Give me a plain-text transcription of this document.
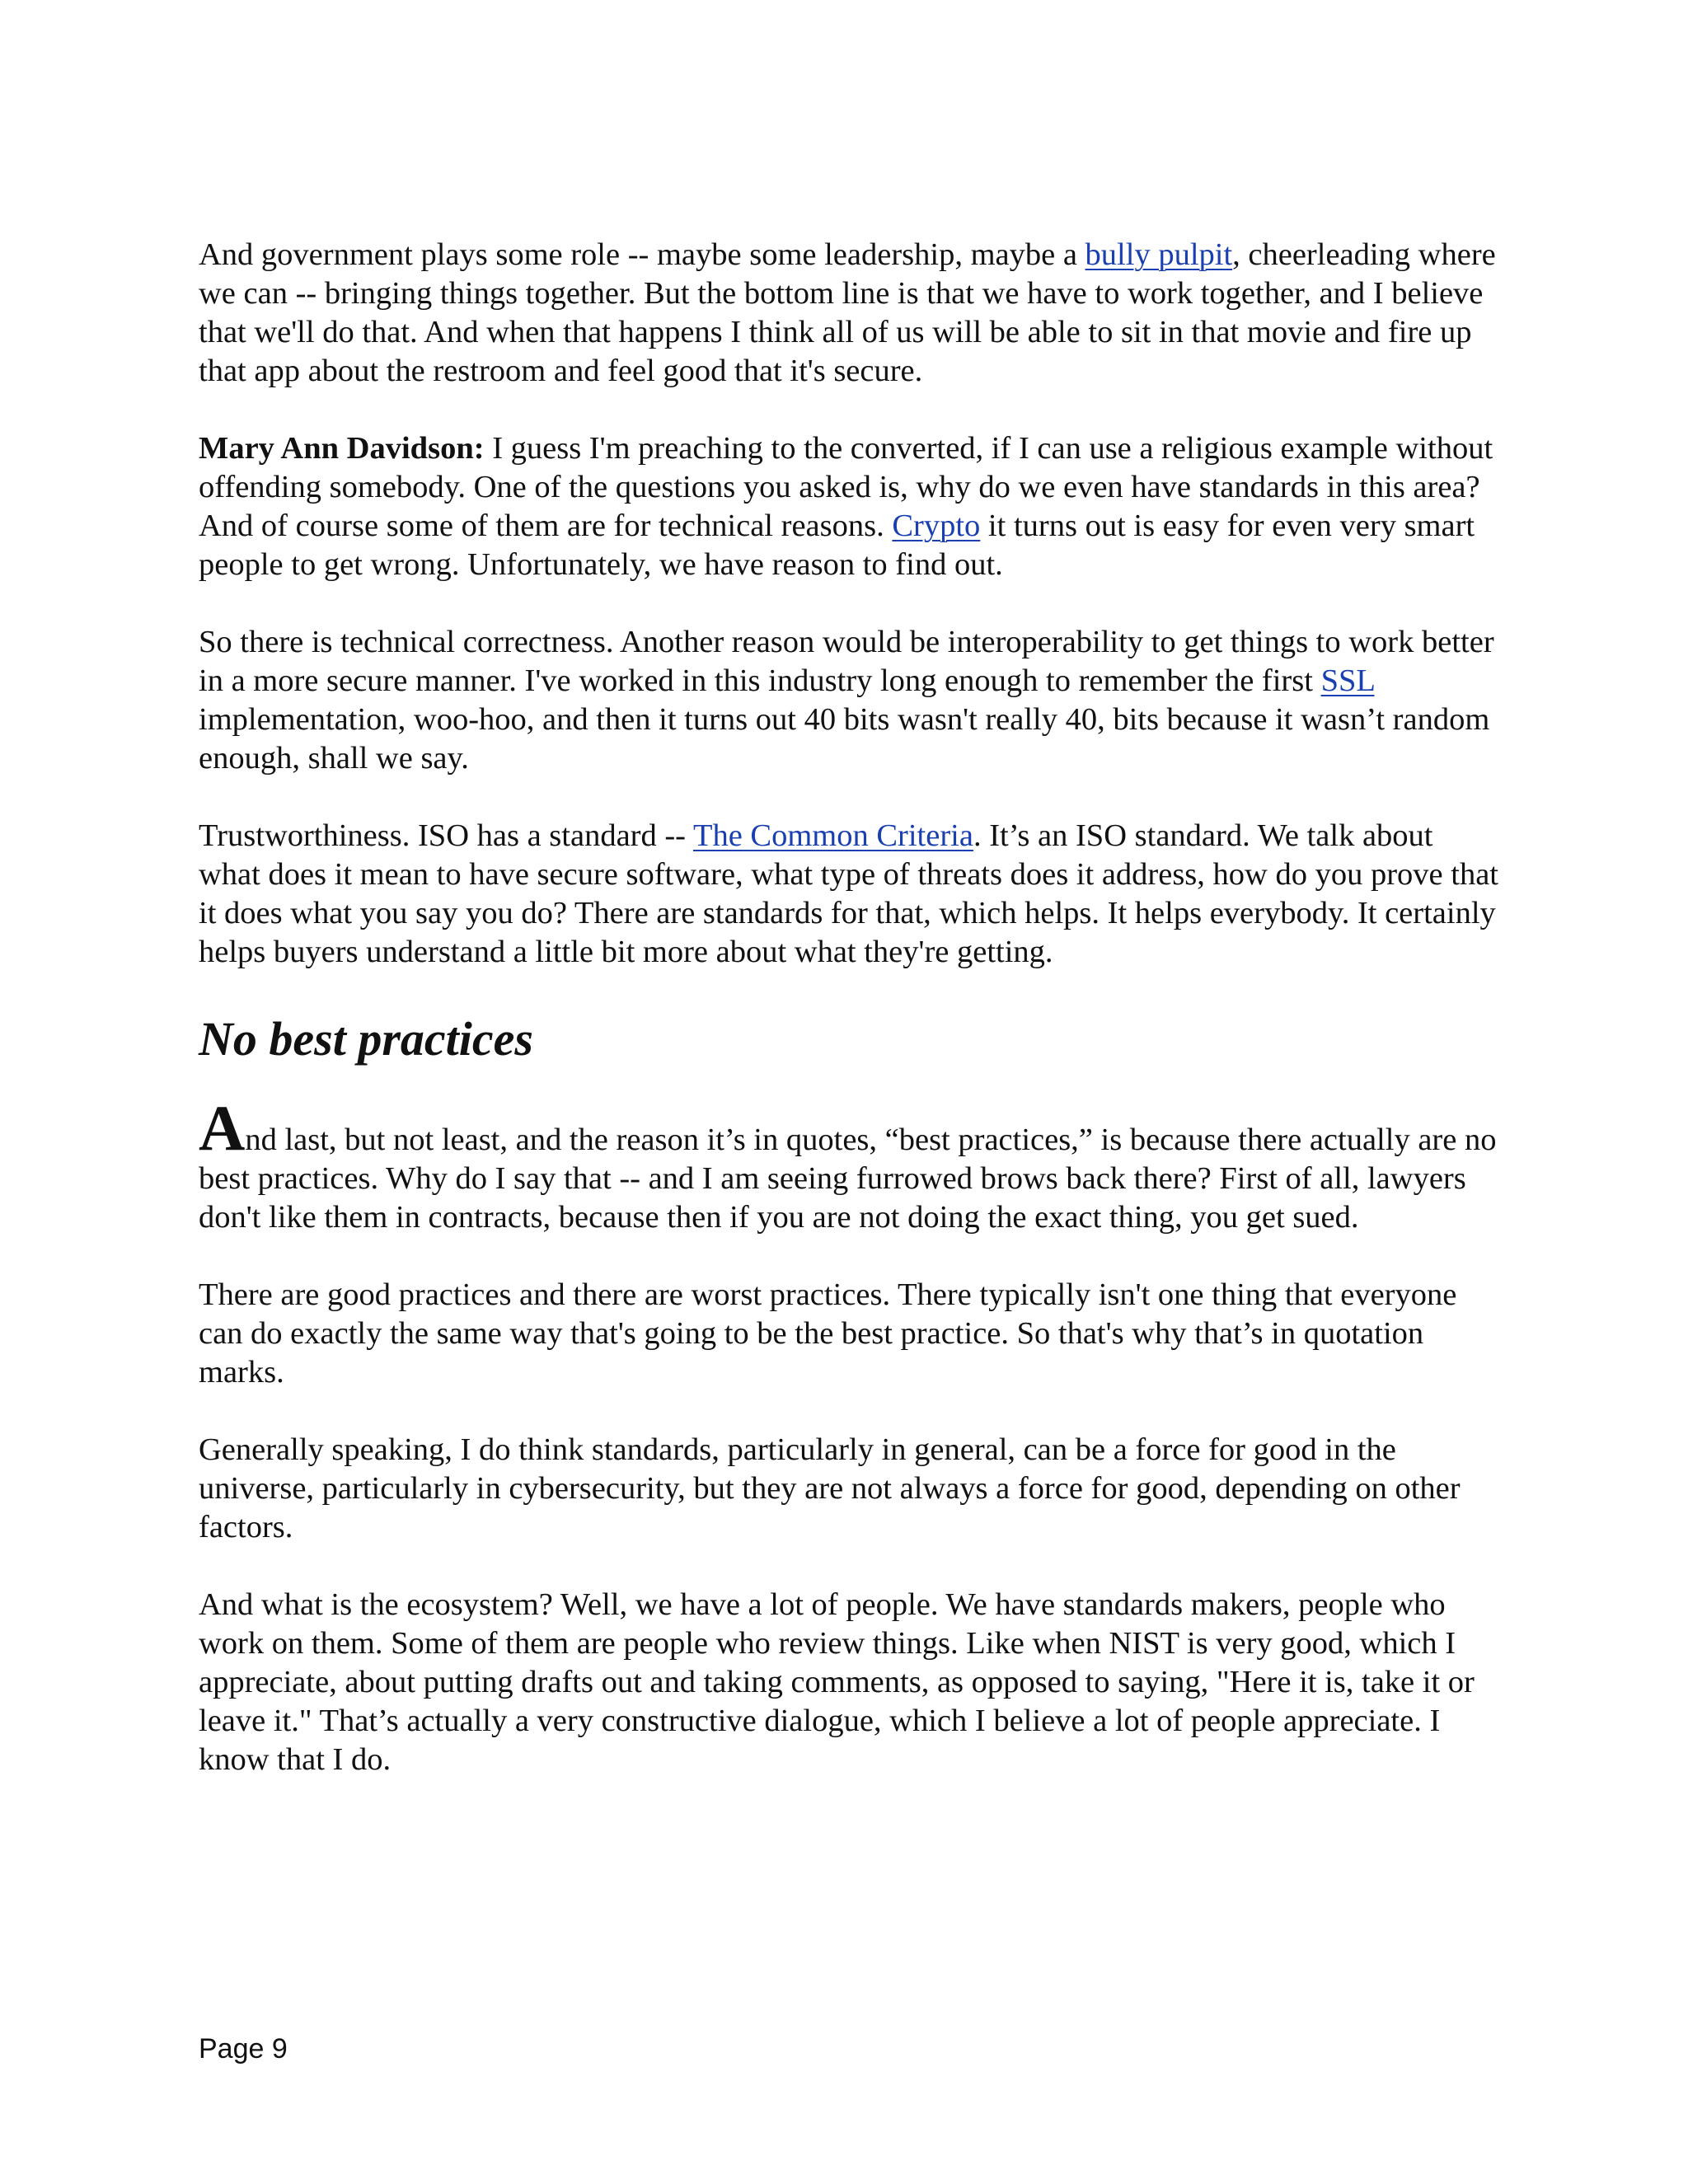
And government plays some role -- maybe some leadership, maybe a bully pulpit, cheerleading where we can -- bringing things together. But the bottom line is that we have to work together, and I believe that we'll do that. And when that happens I think all of us will be able to sit in that movie and fire up that app about the restroom and feel good that it's secure.

Mary Ann Davidson: I guess I'm preaching to the converted, if I can use a religious example without offending somebody. One of the questions you asked is, why do we even have standards in this area? And of course some of them are for technical reasons. Crypto it turns out is easy for even very smart people to get wrong. Unfortunately, we have reason to find out.

So there is technical correctness. Another reason would be interoperability to get things to work better in a more secure manner. I've worked in this industry long enough to remember the first SSL implementation, woo-hoo, and then it turns out 40 bits wasn't really 40, bits because it wasn’t random enough, shall we say.

Trustworthiness. ISO has a standard -- The Common Criteria. It’s an ISO standard. We talk about what does it mean to have secure software, what type of threats does it address, how do you prove that it does what you say you do? There are standards for that, which helps. It helps everybody. It certainly helps buyers understand a little bit more about what they're getting.

No best practices

And last, but not least, and the reason it’s in quotes, “best practices,” is because there actually are no best practices. Why do I say that -- and I am seeing furrowed brows back there? First of all, lawyers don't like them in contracts, because then if you are not doing the exact thing, you get sued.

There are good practices and there are worst practices. There typically isn't one thing that everyone can do exactly the same way that's going to be the best practice. So that's why that’s in quotation marks.

Generally speaking, I do think standards, particularly in general, can be a force for good in the universe, particularly in cybersecurity, but they are not always a force for good, depending on other factors.

And what is the ecosystem? Well, we have a lot of people. We have standards makers, people who work on them. Some of them are people who review things. Like when NIST is very good, which I appreciate, about putting drafts out and taking comments, as opposed to saying, "Here it is, take it or leave it." That’s actually a very constructive dialogue, which I believe a lot of people appreciate. I know that I do.

Page 9
